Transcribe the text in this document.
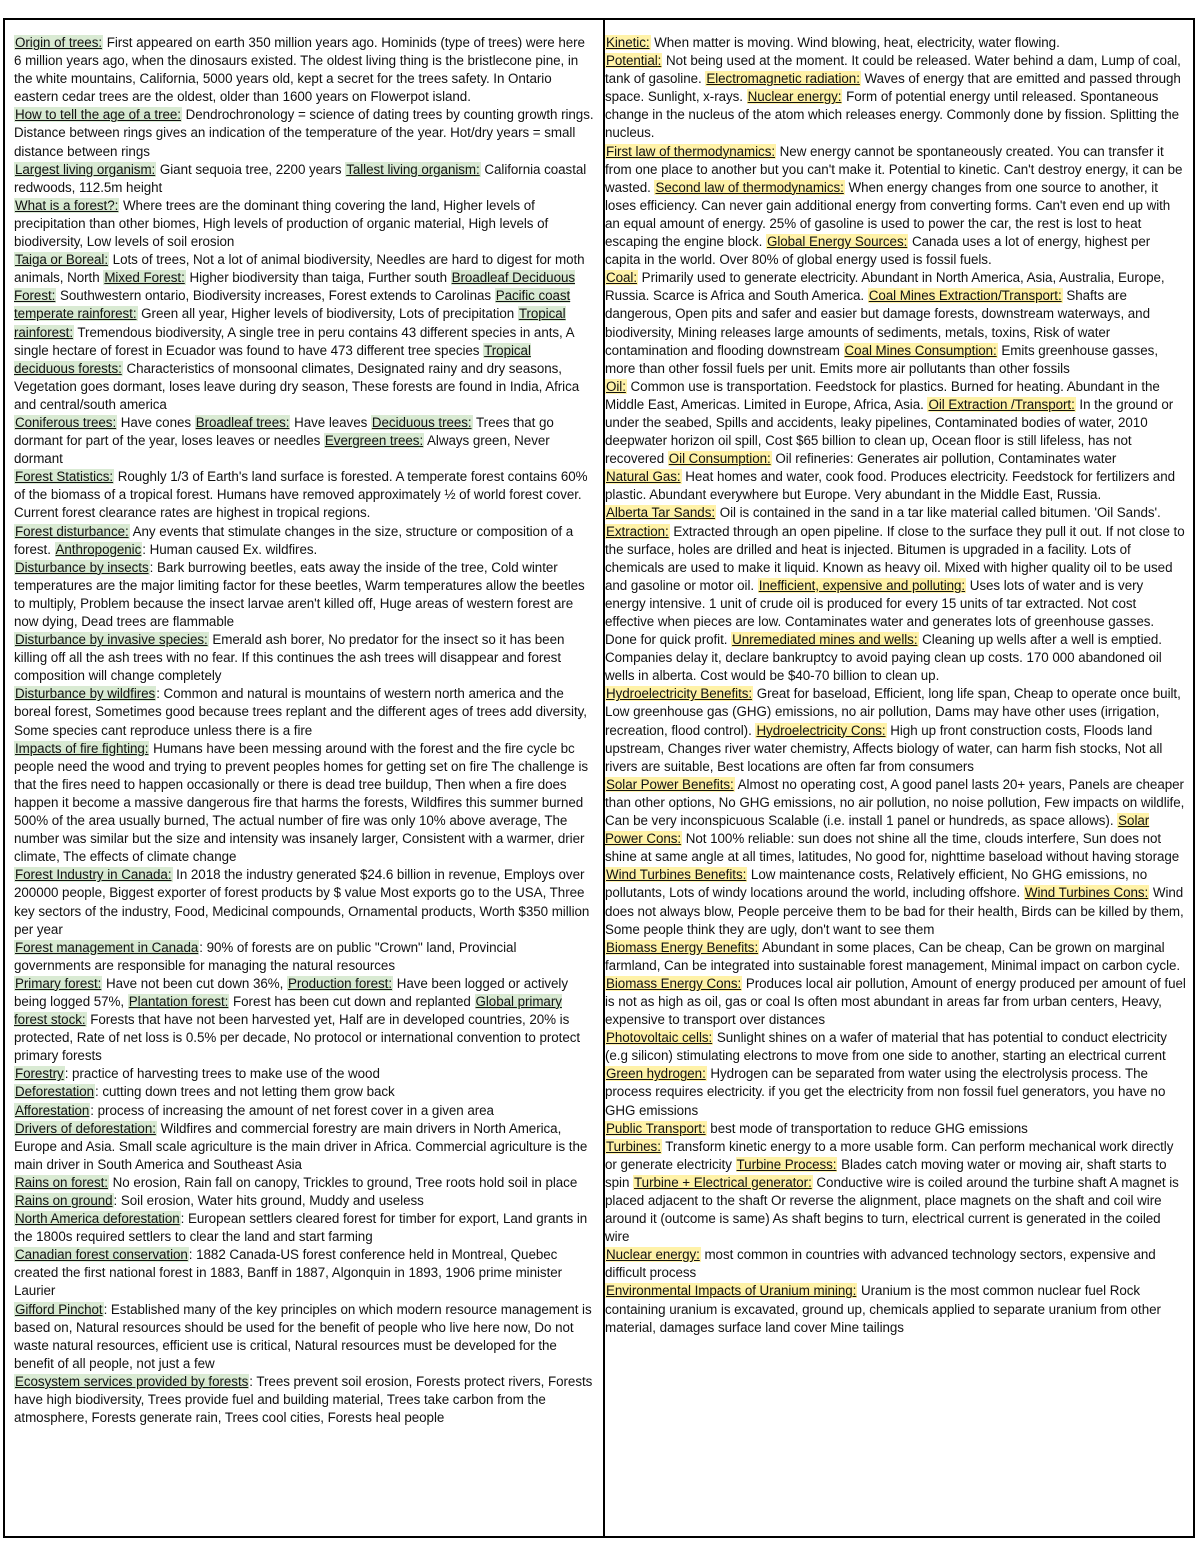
Origin of trees: First appeared on earth 350 million years ago. Hominids (type of trees) were here 6 million years ago, when the dinosaurs existed. The oldest living thing is the bristlecone pine, in the white mountains, California, 5000 years old, kept a secret for the trees safety. In Ontario eastern cedar trees are the oldest, older than 1600 years on Flowerpot island.How to tell the age of a tree: Dendrochronology = science of dating trees by counting growth rings. Distance between rings gives an indication of the temperature of the year. Hot/dry years = small distance between ringsLargest living organism: Giant sequoia tree, 2200 years Tallest living organism: California coastal redwoods, 112.5m heightWhat is a forest?: Where trees are the dominant thing covering the land, Higher levels of precipitation than other biomes, High levels of production of organic material, High levels of biodiversity, Low levels of soil erosionTaiga or Boreal: Lots of trees, Not a lot of animal biodiversity, Needles are hard to digest for moth animals, North Mixed Forest: Higher biodiversity than taiga, Further south Broadleaf Deciduous Forest: Southwestern ontario, Biodiversity increases, Forest extends to Carolinas Pacific coast temperate rainforest: Green all year, Higher levels of biodiversity, Lots of precipitation Tropical rainforest: Tremendous biodiversity, A single tree in peru contains 43 different species in ants, A single hectare of forest in Ecuador was found to have 473 different tree species Tropical deciduous forests: Characteristics of monsoonal climates, Designated rainy and dry seasons, Vegetation goes dormant, loses leave during dry season, These forests are found in India, Africa and central/south americaConiferous trees: Have cones Broadleaf trees: Have leaves Deciduous trees: Trees that go dormant for part of the year, loses leaves or needles Evergreen trees: Always green, Never dormantForest Statistics: Roughly 1/3 of Earth's land surface is forested. A temperate forest contains 60% of the biomass of a tropical forest. Humans have removed approximately ½ of world forest cover. Current forest clearance rates are highest in tropical regions.Forest disturbance: Any events that stimulate changes in the size, structure or composition of a forest. Anthropogenic: Human caused Ex. wildfires.Disturbance by insects: Bark burrowing beetles, eats away the inside of the tree, Cold winter temperatures are the major limiting factor for these beetles, Warm temperatures allow the beetles to multiply, Problem because the insect larvae aren't killed off, Huge areas of western forest are now dying, Dead trees are flammableDisturbance by invasive species: Emerald ash borer, No predator for the insect so it has been killing off all the ash trees with no fear. If this continues the ash trees will disappear and forest composition will change completelyDisturbance by wildfires: Common and natural is mountains of western north america and the boreal forest, Sometimes good because trees replant and the different ages of trees add diversity, Some species cant reproduce unless there is a fireImpacts of fire fighting: Humans have been messing around with the forest and the fire cycle bc people need the wood and trying to prevent peoples homes for getting set on fire The challenge is that the fires need to happen occasionally or there is dead tree buildup, Then when a fire does happen it become a massive dangerous fire that harms the forests, Wildfires this summer burned 500% of the area usually burned, The actual number of fire was only 10% above average, The number was similar but the size and intensity was insanely larger, Consistent with a warmer, drier climate, The effects of climate changeForest Industry in Canada: In 2018 the industry generated $24.6 billion in revenue, Employs over 200000 people, Biggest exporter of forest products by $ value Most exports go to the USA, Three key sectors of the industry, Food, Medicinal compounds, Ornamental products, Worth $350 million per yearForest management in Canada: 90% of forests are on public "Crown" land, Provincial governments are responsible for managing the natural resourcesPrimary forest: Have not been cut down 36%, Production forest: Have been logged or actively being logged 57%, Plantation forest: Forest has been cut down and replanted Global primary forest stock: Forests that have not been harvested yet, Half are in developed countries, 20% is protected, Rate of net loss is 0.5% per decade, No protocol or international convention to protect primary forestsForestry: practice of harvesting trees to make use of the woodDeforestation: cutting down trees and not letting them grow backAfforestation: process of increasing the amount of net forest cover in a given areaDrivers of deforestation: Wildfires and commercial forestry are main drivers in North America, Europe and Asia. Small scale agriculture is the main driver in Africa. Commercial agriculture is the main driver in South America and Southeast AsiaRains on forest: No erosion, Rain fall on canopy, Trickles to ground, Tree roots hold soil in place Rains on ground: Soil erosion, Water hits ground, Muddy and uselessNorth America deforestation: European settlers cleared forest for timber for export, Land grants in the 1800s required settlers to clear the land and start farmingCanadian forest conservation: 1882 Canada-US forest conference held in Montreal, Quebec created the first national forest in 1883, Banff in 1887, Algonquin in 1893, 1906 prime minister LaurierGifford Pinchot: Established many of the key principles on which modern resource management is based on, Natural resources should be used for the benefit of people who live here now, Do not waste natural resources, efficient use is critical, Natural resources must be developed for the benefit of all people, not just a fewEcosystem services provided by forests: Trees prevent soil erosion, Forests protect rivers, Forests have high biodiversity, Trees provide fuel and building material, Trees take carbon from the atmosphere, Forests generate rain, Trees cool cities, Forests heal people
Kinetic: When matter is moving. Wind blowing, heat, electricity, water flowing.Potential: Not being used at the moment. It could be released. Water behind a dam, Lump of coal, tank of gasoline. Electromagnetic radiation: Waves of energy that are emitted and passed through space. Sunlight, x-rays. Nuclear energy: Form of potential energy until released. Spontaneous change in the nucleus of the atom which releases energy. Commonly done by fission. Splitting the nucleus.First law of thermodynamics: New energy cannot be spontaneously created. You can transfer it from one place to another but you can't make it. Potential to kinetic. Can't destroy energy, it can be wasted. Second law of thermodynamics: When energy changes from one source to another, it loses efficiency. Can never gain additional energy from converting forms. Can't even end up with an equal amount of energy. 25% of gasoline is used to power the car, the rest is lost to heat escaping the engine block. Global Energy Sources: Canada uses a lot of energy, highest per capita in the world. Over 80% of global energy used is fossil fuels.Coal: Primarily used to generate electricity. Abundant in North America, Asia, Australia, Europe, Russia. Scarce is Africa and South America. Coal Mines Extraction/Transport: Shafts are dangerous, Open pits and safer and easier but damage forests, downstream waterways, and biodiversity, Mining releases large amounts of sediments, metals, toxins, Risk of water contamination and flooding downstream Coal Mines Consumption: Emits greenhouse gasses, more than other fossil fuels per unit. Emits more air pollutants than other fossilsOil: Common use is transportation. Feedstock for plastics. Burned for heating. Abundant in the Middle East, Americas. Limited in Europe, Africa, Asia. Oil Extraction /Transport: In the ground or under the seabed, Spills and accidents, leaky pipelines, Contaminated bodies of water, 2010 deepwater horizon oil spill, Cost $65 billion to clean up, Ocean floor is still lifeless, has not recovered Oil Consumption: Oil refineries: Generates air pollution, Contaminates waterNatural Gas: Heat homes and water, cook food. Produces electricity. Feedstock for fertilizers and plastic. Abundant everywhere but Europe. Very abundant in the Middle East, Russia.Alberta Tar Sands: Oil is contained in the sand in a tar like material called bitumen. 'Oil Sands'. Extraction: Extracted through an open pipeline. If close to the surface they pull it out. If not close to the surface, holes are drilled and heat is injected. Bitumen is upgraded in a facility. Lots of chemicals are used to make it liquid. Known as heavy oil. Mixed with higher quality oil to be used and gasoline or motor oil. Inefficient, expensive and polluting: Uses lots of water and is very energy intensive. 1 unit of crude oil is produced for every 15 units of tar extracted. Not cost effective when pieces are low. Contaminates water and generates lots of greenhouse gasses. Done for quick profit. Unremediated mines and wells: Cleaning up wells after a well is emptied. Companies delay it, declare bankruptcy to avoid paying clean up costs. 170 000 abandoned oil wells in alberta. Cost would be $40-70 billion to clean up.Hydroelectricity Benefits: Great for baseload, Efficient, long life span, Cheap to operate once built, Low greenhouse gas (GHG) emissions, no air pollution, Dams may have other uses (irrigation, recreation, flood control). Hydroelectricity Cons: High up front construction costs, Floods land upstream, Changes river water chemistry, Affects biology of water, can harm fish stocks, Not all rivers are suitable, Best locations are often far from consumersSolar Power Benefits: Almost no operating cost, A good panel lasts 20+ years, Panels are cheaper than other options, No GHG emissions, no air pollution, no noise pollution, Few impacts on wildlife, Can be very inconspicuous Scalable (i.e. install 1 panel or hundreds, as space allows). Solar Power Cons: Not 100% reliable: sun does not shine all the time, clouds interfere, Sun does not shine at same angle at all times, latitudes, No good for, nighttime baseload without having storageWind Turbines Benefits: Low maintenance costs, Relatively efficient, No GHG emissions, no pollutants, Lots of windy locations around the world, including offshore. Wind Turbines Cons: Wind does not always blow, People perceive them to be bad for their health, Birds can be killed by them, Some people think they are ugly, don't want to see themBiomass Energy Benefits: Abundant in some places, Can be cheap, Can be grown on marginal farmland, Can be integrated into sustainable forest management, Minimal impact on carbon cycle. Biomass Energy Cons: Produces local air pollution, Amount of energy produced per amount of fuel is not as high as oil, gas or coal Is often most abundant in areas far from urban centers, Heavy, expensive to transport over distancesPhotovoltaic cells: Sunlight shines on a wafer of material that has potential to conduct electricity (e.g silicon) stimulating electrons to move from one side to another, starting an electrical currentGreen hydrogen: Hydrogen can be separated from water using the electrolysis process. The process requires electricity. if you get the electricity from non fossil fuel generators, you have no GHG emissionsPublic Transport: best mode of transportation to reduce GHG emissionsTurbines: Transform kinetic energy to a more usable form. Can perform mechanical work directly or generate electricity Turbine Process: Blades catch moving water or moving air, shaft starts to spin Turbine + Electrical generator: Conductive wire is coiled around the turbine shaft A magnet is placed adjacent to the shaft Or reverse the alignment, place magnets on the shaft and coil wire around it (outcome is same) As shaft begins to turn, electrical current is generated in the coiled wireNuclear energy: most common in countries with advanced technology sectors, expensive and difficult processEnvironmental Impacts of Uranium mining: Uranium is the most common nuclear fuel Rock containing uranium is excavated, ground up, chemicals applied to separate uranium from other material, damages surface land cover Mine tailings
